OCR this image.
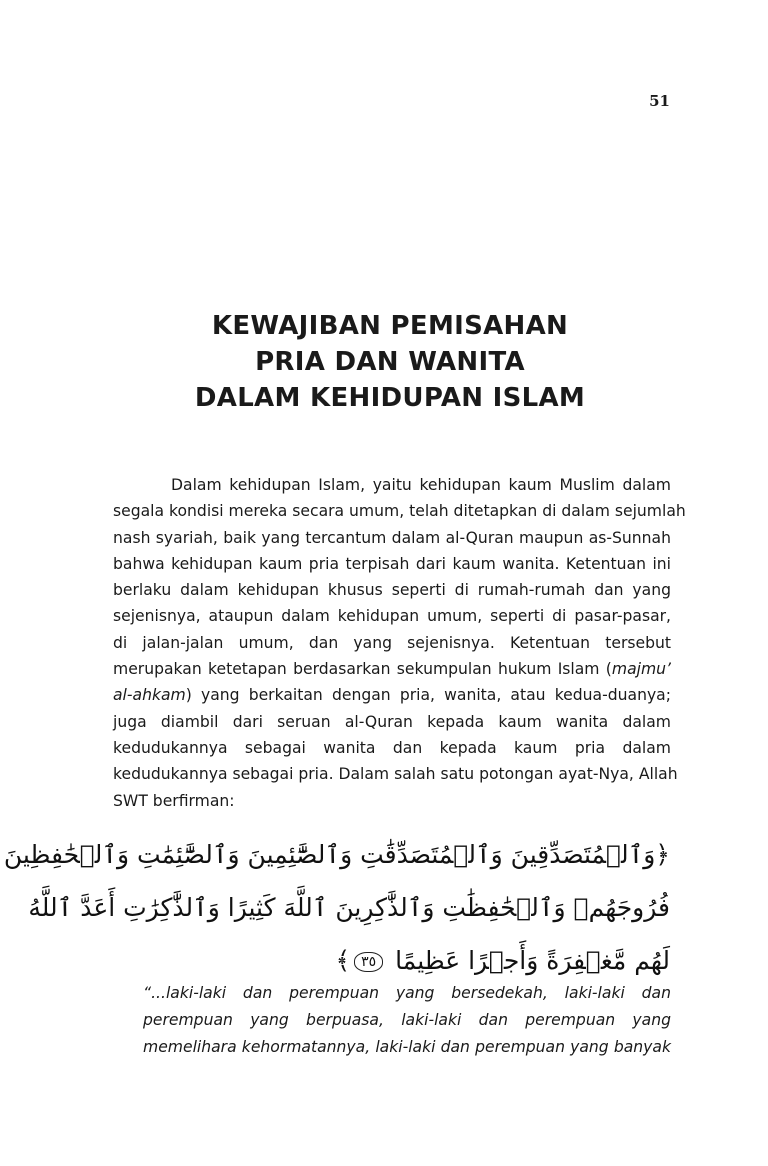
51
KEWAJIBAN PEMISAHAN
PRIA DAN WANITA
DALAM KEHIDUPAN ISLAM
Dalam kehidupan Islam, yaitu kehidupan kaum Muslim dalam
segala kondisi mereka secara umum, telah ditetapkan di dalam sejumlah
nash syariah, baik yang tercantum dalam al-Quran maupun as-Sunnah
bahwa kehidupan kaum pria terpisah dari kaum wanita. Ketentuan ini
berlaku dalam kehidupan khusus seperti di rumah-rumah dan yang
sejenisnya, ataupun dalam kehidupan umum, seperti di pasar-pasar,
di jalan-jalan umum, dan yang sejenisnya. Ketentuan tersebut
merupakan ketetapan berdasarkan sekumpulan hukum Islam (majmu’
al-ahkam) yang berkaitan dengan pria, wanita, atau kedua-duanya;
juga diambil dari seruan al-Quran kepada kaum wanita dalam
kedudukannya sebagai wanita dan kepada kaum pria dalam
kedudukannya sebagai pria. Dalam salah satu potongan ayat-Nya, Allah
SWT berfirman:
﴿وَٱلۡمُتَصَدِّقِينَ وَٱلۡمُتَصَدِّقَٰتِ وَٱلصَّٰٓئِمِينَ وَٱلصَّٰٓئِمَٰتِ وَٱلۡحَٰفِظِينَ
فُرُوجَهُمۡ وَٱلۡحَٰفِظَٰتِ وَٱلذَّٰكِرِينَ ٱللَّهَ كَثِيرًا وَٱلذَّٰكِرَٰتِ أَعَدَّ ٱللَّهُ
لَهُم مَّغۡفِرَةً وَأَجۡرًا عَظِيمًا ٣٥﴾
“...laki-laki dan perempuan yang bersedekah, laki-laki dan
perempuan yang berpuasa, laki-laki dan perempuan yang
memelihara kehormatannya, laki-laki dan perempuan yang banyak
